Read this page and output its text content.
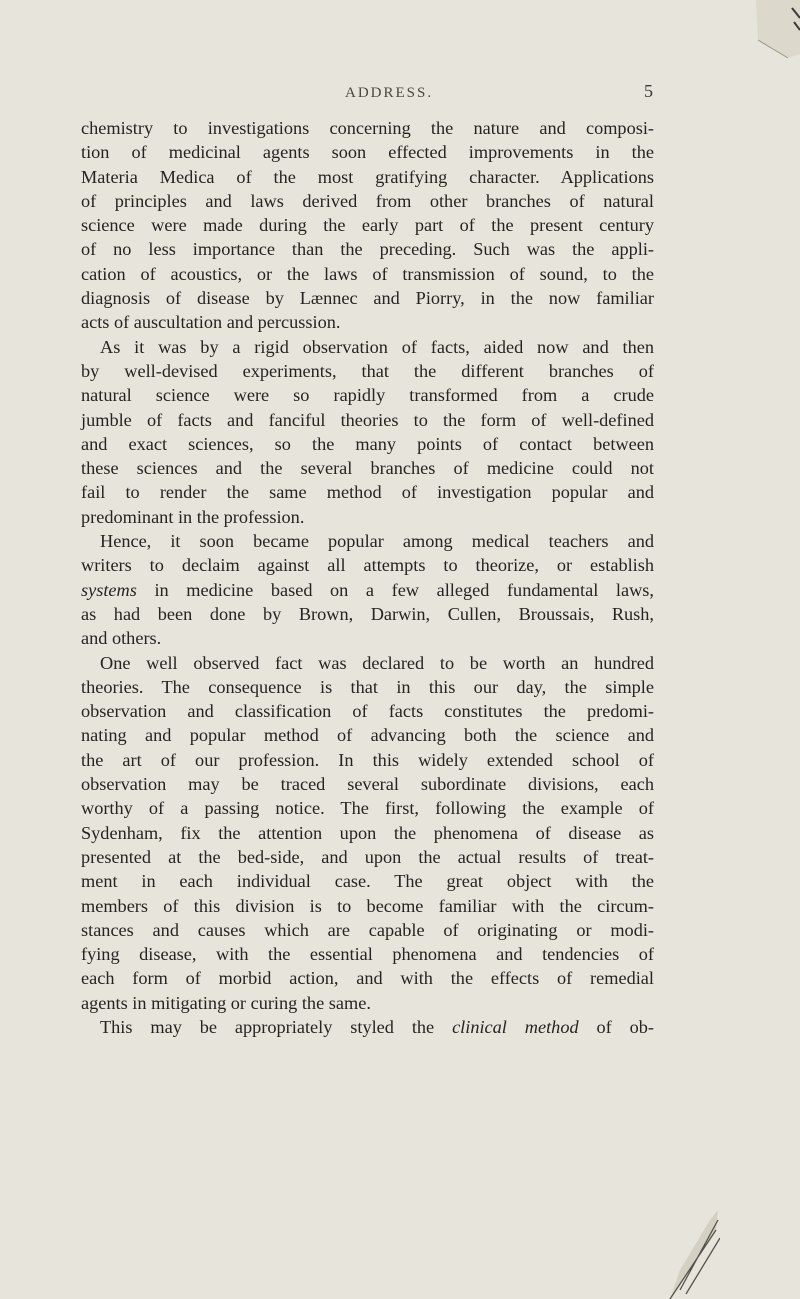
ADDRESS.	5
chemistry to investigations concerning the nature and composi-
tion of medicinal agents soon effected improvements in the
Materia Medica of the most gratifying character. Applications
of principles and laws derived from other branches of natural
science were made during the early part of the present century
of no less importance than the preceding. Such was the appli-
cation of acoustics, or the laws of transmission of sound, to the
diagnosis of disease by Lænnec and Piorry, in the now familiar
acts of auscultation and percussion.
As it was by a rigid observation of facts, aided now and then
by well-devised experiments, that the different branches of
natural science were so rapidly transformed from a crude
jumble of facts and fanciful theories to the form of well-defined
and exact sciences, so the many points of contact between
these sciences and the several branches of medicine could not
fail to render the same method of investigation popular and
predominant in the profession.
Hence, it soon became popular among medical teachers and
writers to declaim against all attempts to theorize, or establish
systems in medicine based on a few alleged fundamental laws,
as had been done by Brown, Darwin, Cullen, Broussais, Rush,
and others.
One well observed fact was declared to be worth an hundred
theories. The consequence is that in this our day, the simple
observation and classification of facts constitutes the predomi-
nating and popular method of advancing both the science and
the art of our profession. In this widely extended school of
observation may be traced several subordinate divisions, each
worthy of a passing notice. The first, following the example of
Sydenham, fix the attention upon the phenomena of disease as
presented at the bed-side, and upon the actual results of treat-
ment in each individual case. The great object with the
members of this division is to become familiar with the circum-
stances and causes which are capable of originating or modi-
fying disease, with the essential phenomena and tendencies of
each form of morbid action, and with the effects of remedial
agents in mitigating or curing the same.
This may be appropriately styled the clinical method of ob-
